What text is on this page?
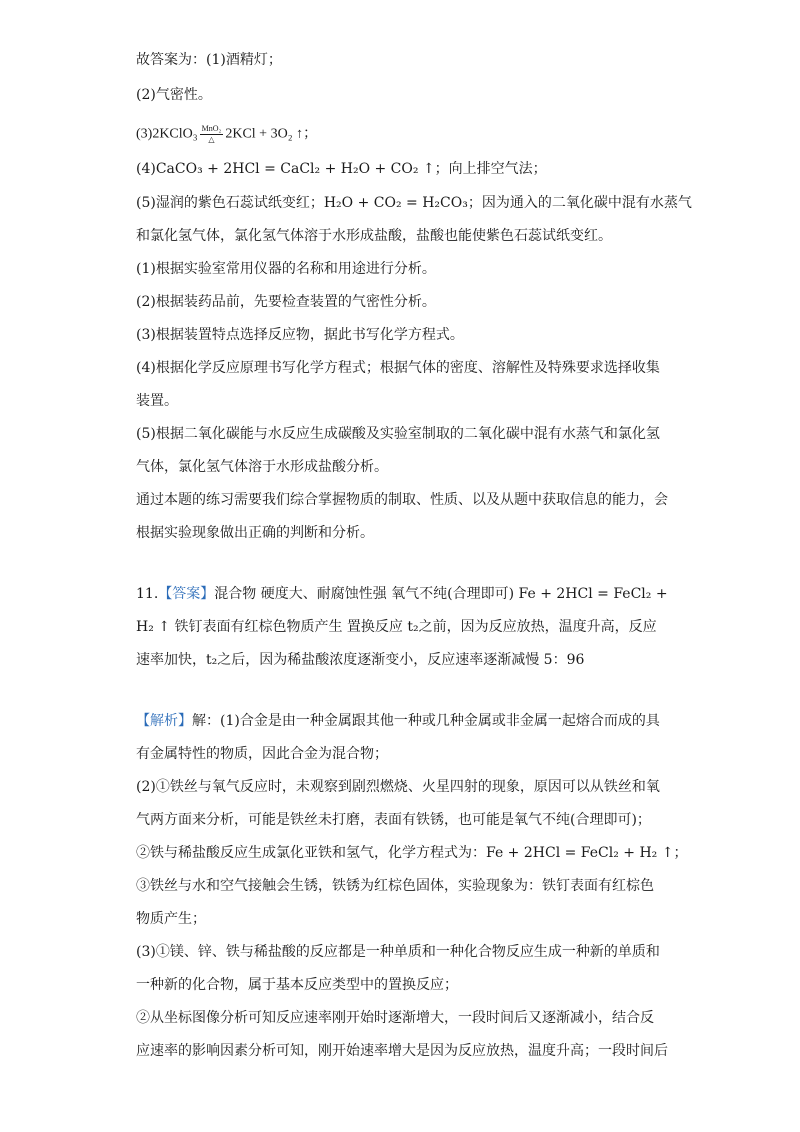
故答案为：(1)酒精灯；
(2)气密性。
(3)2KClO₃ $\frac{\text{MnO₂}}{\triangle} 2KCl + 3O_2$ ↑；
(4)CaCO₃ + 2HCl = CaCl₂ + H₂O + CO₂ ↑；向上排空气法；
(5)湿润的紫色石蕊试纸变红；H₂O + CO₂ = H₂CO₃；因为通入的二氧化碳中混有水蒸气
和氯化氢气体，氯化氢气体溶于水形成盐酸，盐酸也能使紫色石蕊试纸变红。
(1)根据实验室常用仪器的名称和用途进行分析。
(2)根据装药品前，先要检查装置的气密性分析。
(3)根据装置特点选择反应物，据此书写化学方程式。
(4)根据化学反应原理书写化学方程式；根据气体的密度、溶解性及特殊要求选择收集
装置。
(5)根据二氧化碳能与水反应生成碳酸及实验室制取的二氧化碳中混有水蒸气和氯化氢
气体，氯化氢气体溶于水形成盐酸分析。
通过本题的练习需要我们综合掌握物质的制取、性质、以及从题中获取信息的能力，会
根据实验现象做出正确的判断和分析。
11.【答案】混合物 硬度大、耐腐蚀性强 氧气不纯(合理即可) Fe + 2HCl = FeCl₂ +
H₂ ↑ 铁钉表面有红棕色物质产生 置换反应 t₂之前，因为反应放热，温度升高，反应
速率加快，t₂之后，因为稀盐酸浓度逐渐变小，反应速率逐渐减慢 5：96
【解析】解：(1)合金是由一种金属跟其他一种或几种金属或非金属一起熔合而成的具
有金属特性的物质，因此合金为混合物；
(2)①铁丝与氧气反应时，未观察到剧烈燃烧、火星四射的现象，原因可以从铁丝和氧
气两方面来分析，可能是铁丝未打磨，表面有铁锈，也可能是氧气不纯(合理即可)；
②铁与稀盐酸反应生成氯化亚铁和氢气，化学方程式为：Fe + 2HCl = FeCl₂ + H₂ ↑；
③铁丝与水和空气接触会生锈，铁锈为红棕色固体，实验现象为：铁钉表面有红棕色
物质产生；
(3)①镁、锌、铁与稀盐酸的反应都是一种单质和一种化合物反应生成一种新的单质和
一种新的化合物，属于基本反应类型中的置换反应；
②从坐标图像分析可知反应速率刚开始时逐渐增大，一段时间后又逐渐减小，结合反
应速率的影响因素分析可知，刚开始速率增大是因为反应放热，温度升高；一段时间后
